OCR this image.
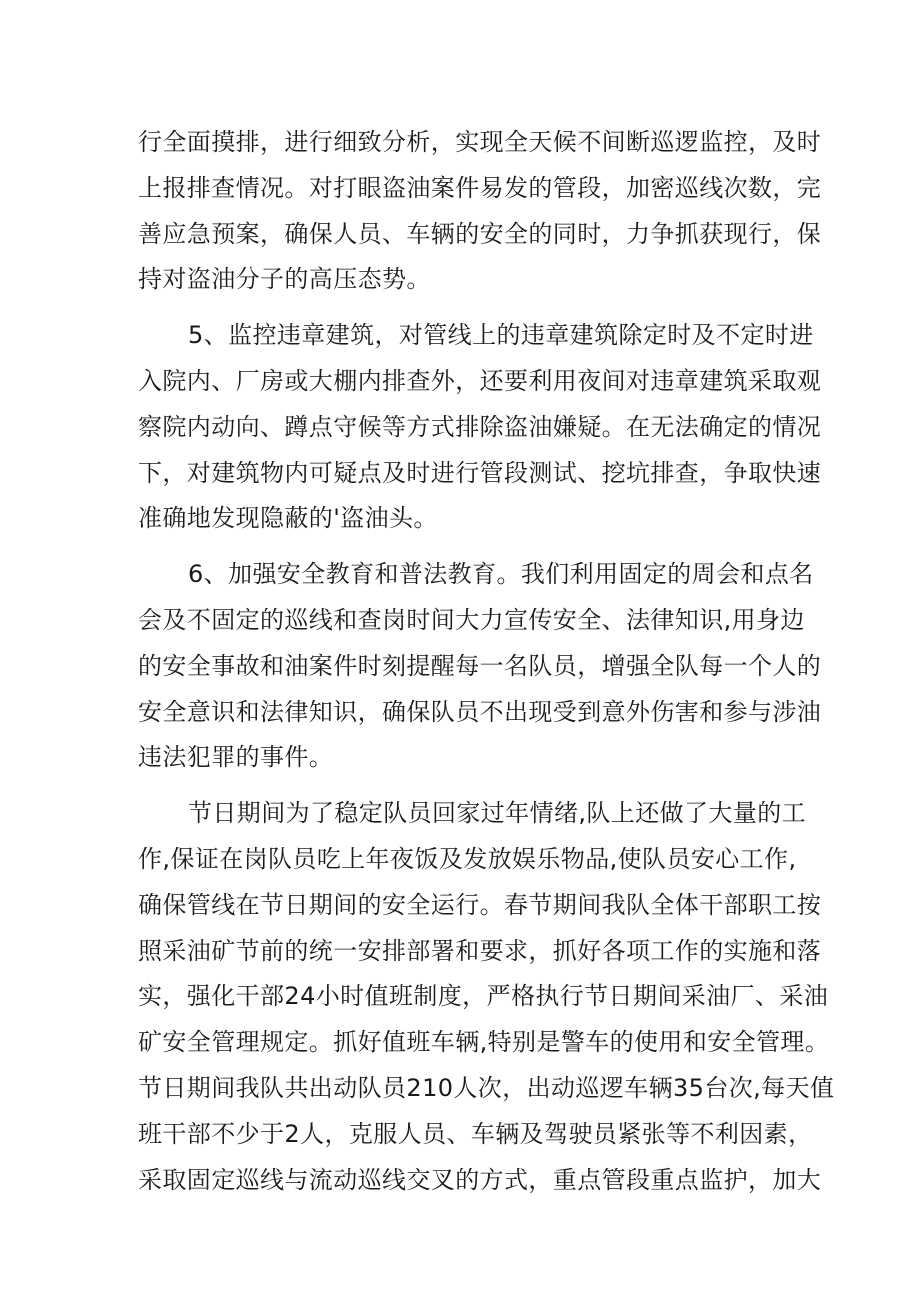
行全面摸排，进行细致分析，实现全天候不间断巡逻监控，及时
上报排查情况。对打眼盗油案件易发的管段，加密巡线次数，完
善应急预案，确保人员、车辆的安全的同时，力争抓获现行，保
持对盗油分子的高压态势。
5、监控违章建筑，对管线上的违章建筑除定时及不定时进
入院内、厂房或大棚内排查外，还要利用夜间对违章建筑采取观
察院内动向、蹲点守候等方式排除盗油嫌疑。在无法确定的情况
下，对建筑物内可疑点及时进行管段测试、挖坑排查，争取快速
准确地发现隐蔽的'盗油头。
6、加强安全教育和普法教育。我们利用固定的周会和点名
会及不固定的巡线和查岗时间大力宣传安全、法律知识,用身边
的安全事故和油案件时刻提醒每一名队员，增强全队每一个人的
安全意识和法律知识，确保队员不出现受到意外伤害和参与涉油
违法犯罪的事件。
节日期间为了稳定队员回家过年情绪,队上还做了大量的工
作,保证在岗队员吃上年夜饭及发放娱乐物品,使队员安心工作,
确保管线在节日期间的安全运行。春节期间我队全体干部职工按
照采油矿节前的统一安排部署和要求，抓好各项工作的实施和落
实，强化干部24小时值班制度，严格执行节日期间采油厂、采油
矿安全管理规定。抓好值班车辆,特别是警车的使用和安全管理。
节日期间我队共出动队员210人次，出动巡逻车辆35台次,每天值
班干部不少于2人，克服人员、车辆及驾驶员紧张等不利因素，
采取固定巡线与流动巡线交叉的方式，重点管段重点监护，加大
